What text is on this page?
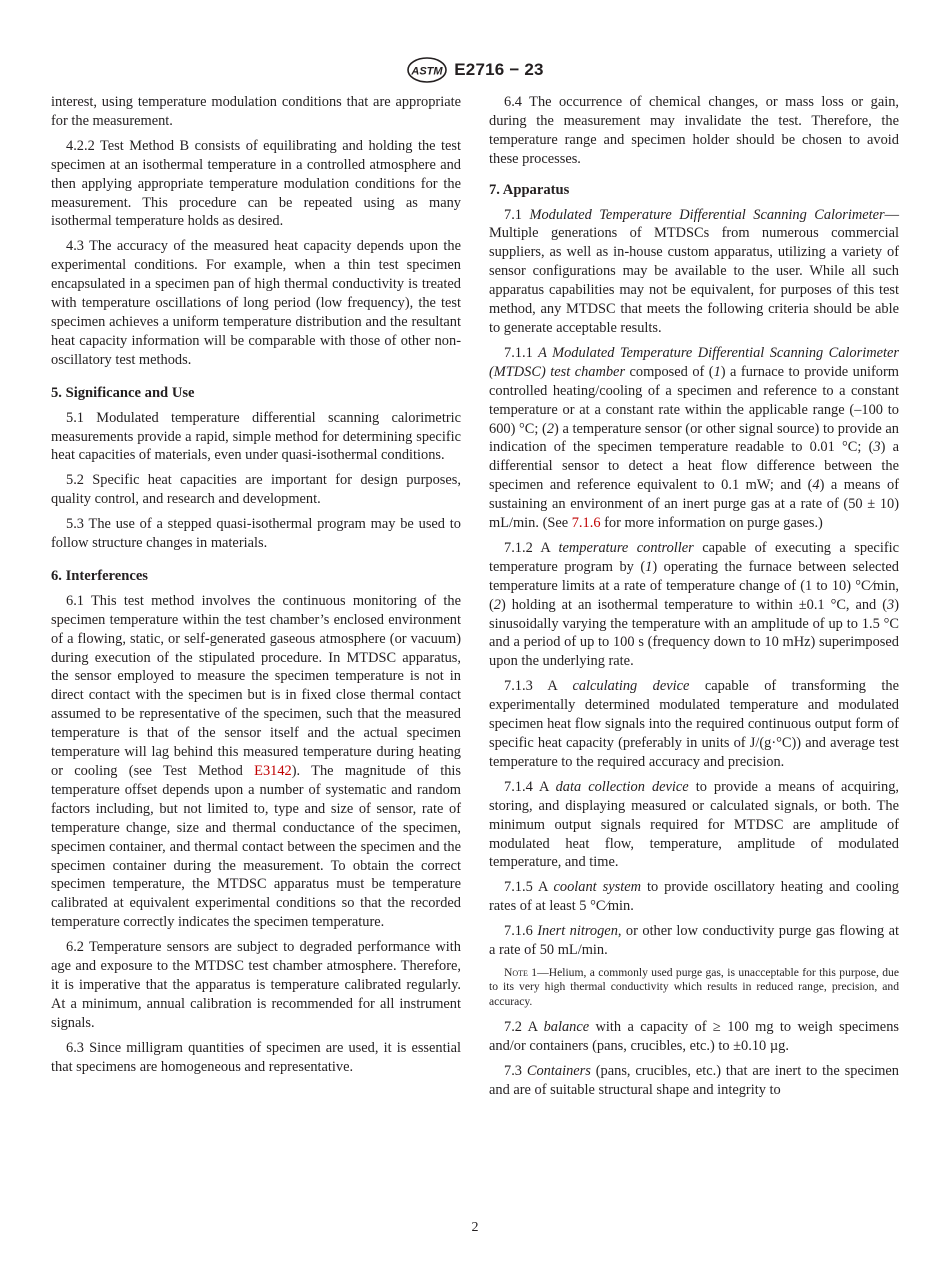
ASTM E2716 − 23

interest, using temperature modulation conditions that are appropriate for the measurement.

4.2.2 Test Method B consists of equilibrating and holding the test specimen at an isothermal temperature in a controlled atmosphere and then applying appropriate temperature modulation conditions for the measurement. This procedure can be repeated using as many isothermal temperature holds as desired.

4.3 The accuracy of the measured heat capacity depends upon the experimental conditions. For example, when a thin test specimen encapsulated in a specimen pan of high thermal conductivity is treated with temperature oscillations of long period (low frequency), the test specimen achieves a uniform temperature distribution and the resultant heat capacity information will be comparable with those of other non-oscillatory test methods.

5. Significance and Use

5.1 Modulated temperature differential scanning calorimetric measurements provide a rapid, simple method for determining specific heat capacities of materials, even under quasi-isothermal conditions.

5.2 Specific heat capacities are important for design purposes, quality control, and research and development.

5.3 The use of a stepped quasi-isothermal program may be used to follow structure changes in materials.

6. Interferences

6.1 This test method involves the continuous monitoring of the specimen temperature within the test chamber’s enclosed environment of a flowing, static, or self-generated gaseous atmosphere (or vacuum) during execution of the stipulated procedure. In MTDSC apparatus, the sensor employed to measure the specimen temperature is not in direct contact with the specimen but is in fixed close thermal contact assumed to be representative of the specimen, such that the measured temperature is that of the sensor itself and the actual specimen temperature will lag behind this measured temperature during heating or cooling (see Test Method E3142). The magnitude of this temperature offset depends upon a number of systematic and random factors including, but not limited to, type and size of sensor, rate of temperature change, size and thermal conductance of the specimen, specimen container, and thermal contact between the specimen and the specimen container during the measurement. To obtain the correct specimen temperature, the MTDSC apparatus must be temperature calibrated at equivalent experimental conditions so that the recorded temperature correctly indicates the specimen temperature.

6.2 Temperature sensors are subject to degraded performance with age and exposure to the MTDSC test chamber atmosphere. Therefore, it is imperative that the apparatus is temperature calibrated regularly. At a minimum, annual calibration is recommended for all instrument signals.

6.3 Since milligram quantities of specimen are used, it is essential that specimens are homogeneous and representative.

6.4 The occurrence of chemical changes, or mass loss or gain, during the measurement may invalidate the test. Therefore, the temperature range and specimen holder should be chosen to avoid these processes.

7. Apparatus

7.1 Modulated Temperature Differential Scanning Calorimeter—Multiple generations of MTDSCs from numerous commercial suppliers, as well as in-house custom apparatus, utilizing a variety of sensor configurations may be available to the user. While all such apparatus capabilities may not be equivalent, for purposes of this test method, any MTDSC that meets the following criteria should be able to generate acceptable results.

7.1.1 A Modulated Temperature Differential Scanning Calorimeter (MTDSC) test chamber composed of (1) a furnace to provide uniform controlled heating/cooling of a specimen and reference to a constant temperature or at a constant rate within the applicable range (–100 to 600) °C; (2) a temperature sensor (or other signal source) to provide an indication of the specimen temperature readable to 0.01 °C; (3) a differential sensor to detect a heat flow difference between the specimen and reference equivalent to 0.1 mW; and (4) a means of sustaining an environment of an inert purge gas at a rate of (50 ± 10) mL/min. (See 7.1.6 for more information on purge gases.)

7.1.2 A temperature controller capable of executing a specific temperature program by (1) operating the furnace between selected temperature limits at a rate of temperature change of (1 to 10) °C⁄min, (2) holding at an isothermal temperature to within ±0.1 °C, and (3) sinusoidally varying the temperature with an amplitude of up to 1.5 °C and a period of up to 100 s (frequency down to 10 mHz) superimposed upon the underlying rate.

7.1.3 A calculating device capable of transforming the experimentally determined modulated temperature and modulated specimen heat flow signals into the required continuous output form of specific heat capacity (preferably in units of J/(g·°C)) and average test temperature to the required accuracy and precision.

7.1.4 A data collection device to provide a means of acquiring, storing, and displaying measured or calculated signals, or both. The minimum output signals required for MTDSC are amplitude of modulated heat flow, temperature, amplitude of modulated temperature, and time.

7.1.5 A coolant system to provide oscillatory heating and cooling rates of at least 5 °C⁄min.

7.1.6 Inert nitrogen, or other low conductivity purge gas flowing at a rate of 50 mL/min.

Note 1—Helium, a commonly used purge gas, is unacceptable for this purpose, due to its very high thermal conductivity which results in reduced range, precision, and accuracy.

7.2 A balance with a capacity of ≥ 100 mg to weigh specimens and/or containers (pans, crucibles, etc.) to ±0.10 µg.

7.3 Containers (pans, crucibles, etc.) that are inert to the specimen and are of suitable structural shape and integrity to

2
